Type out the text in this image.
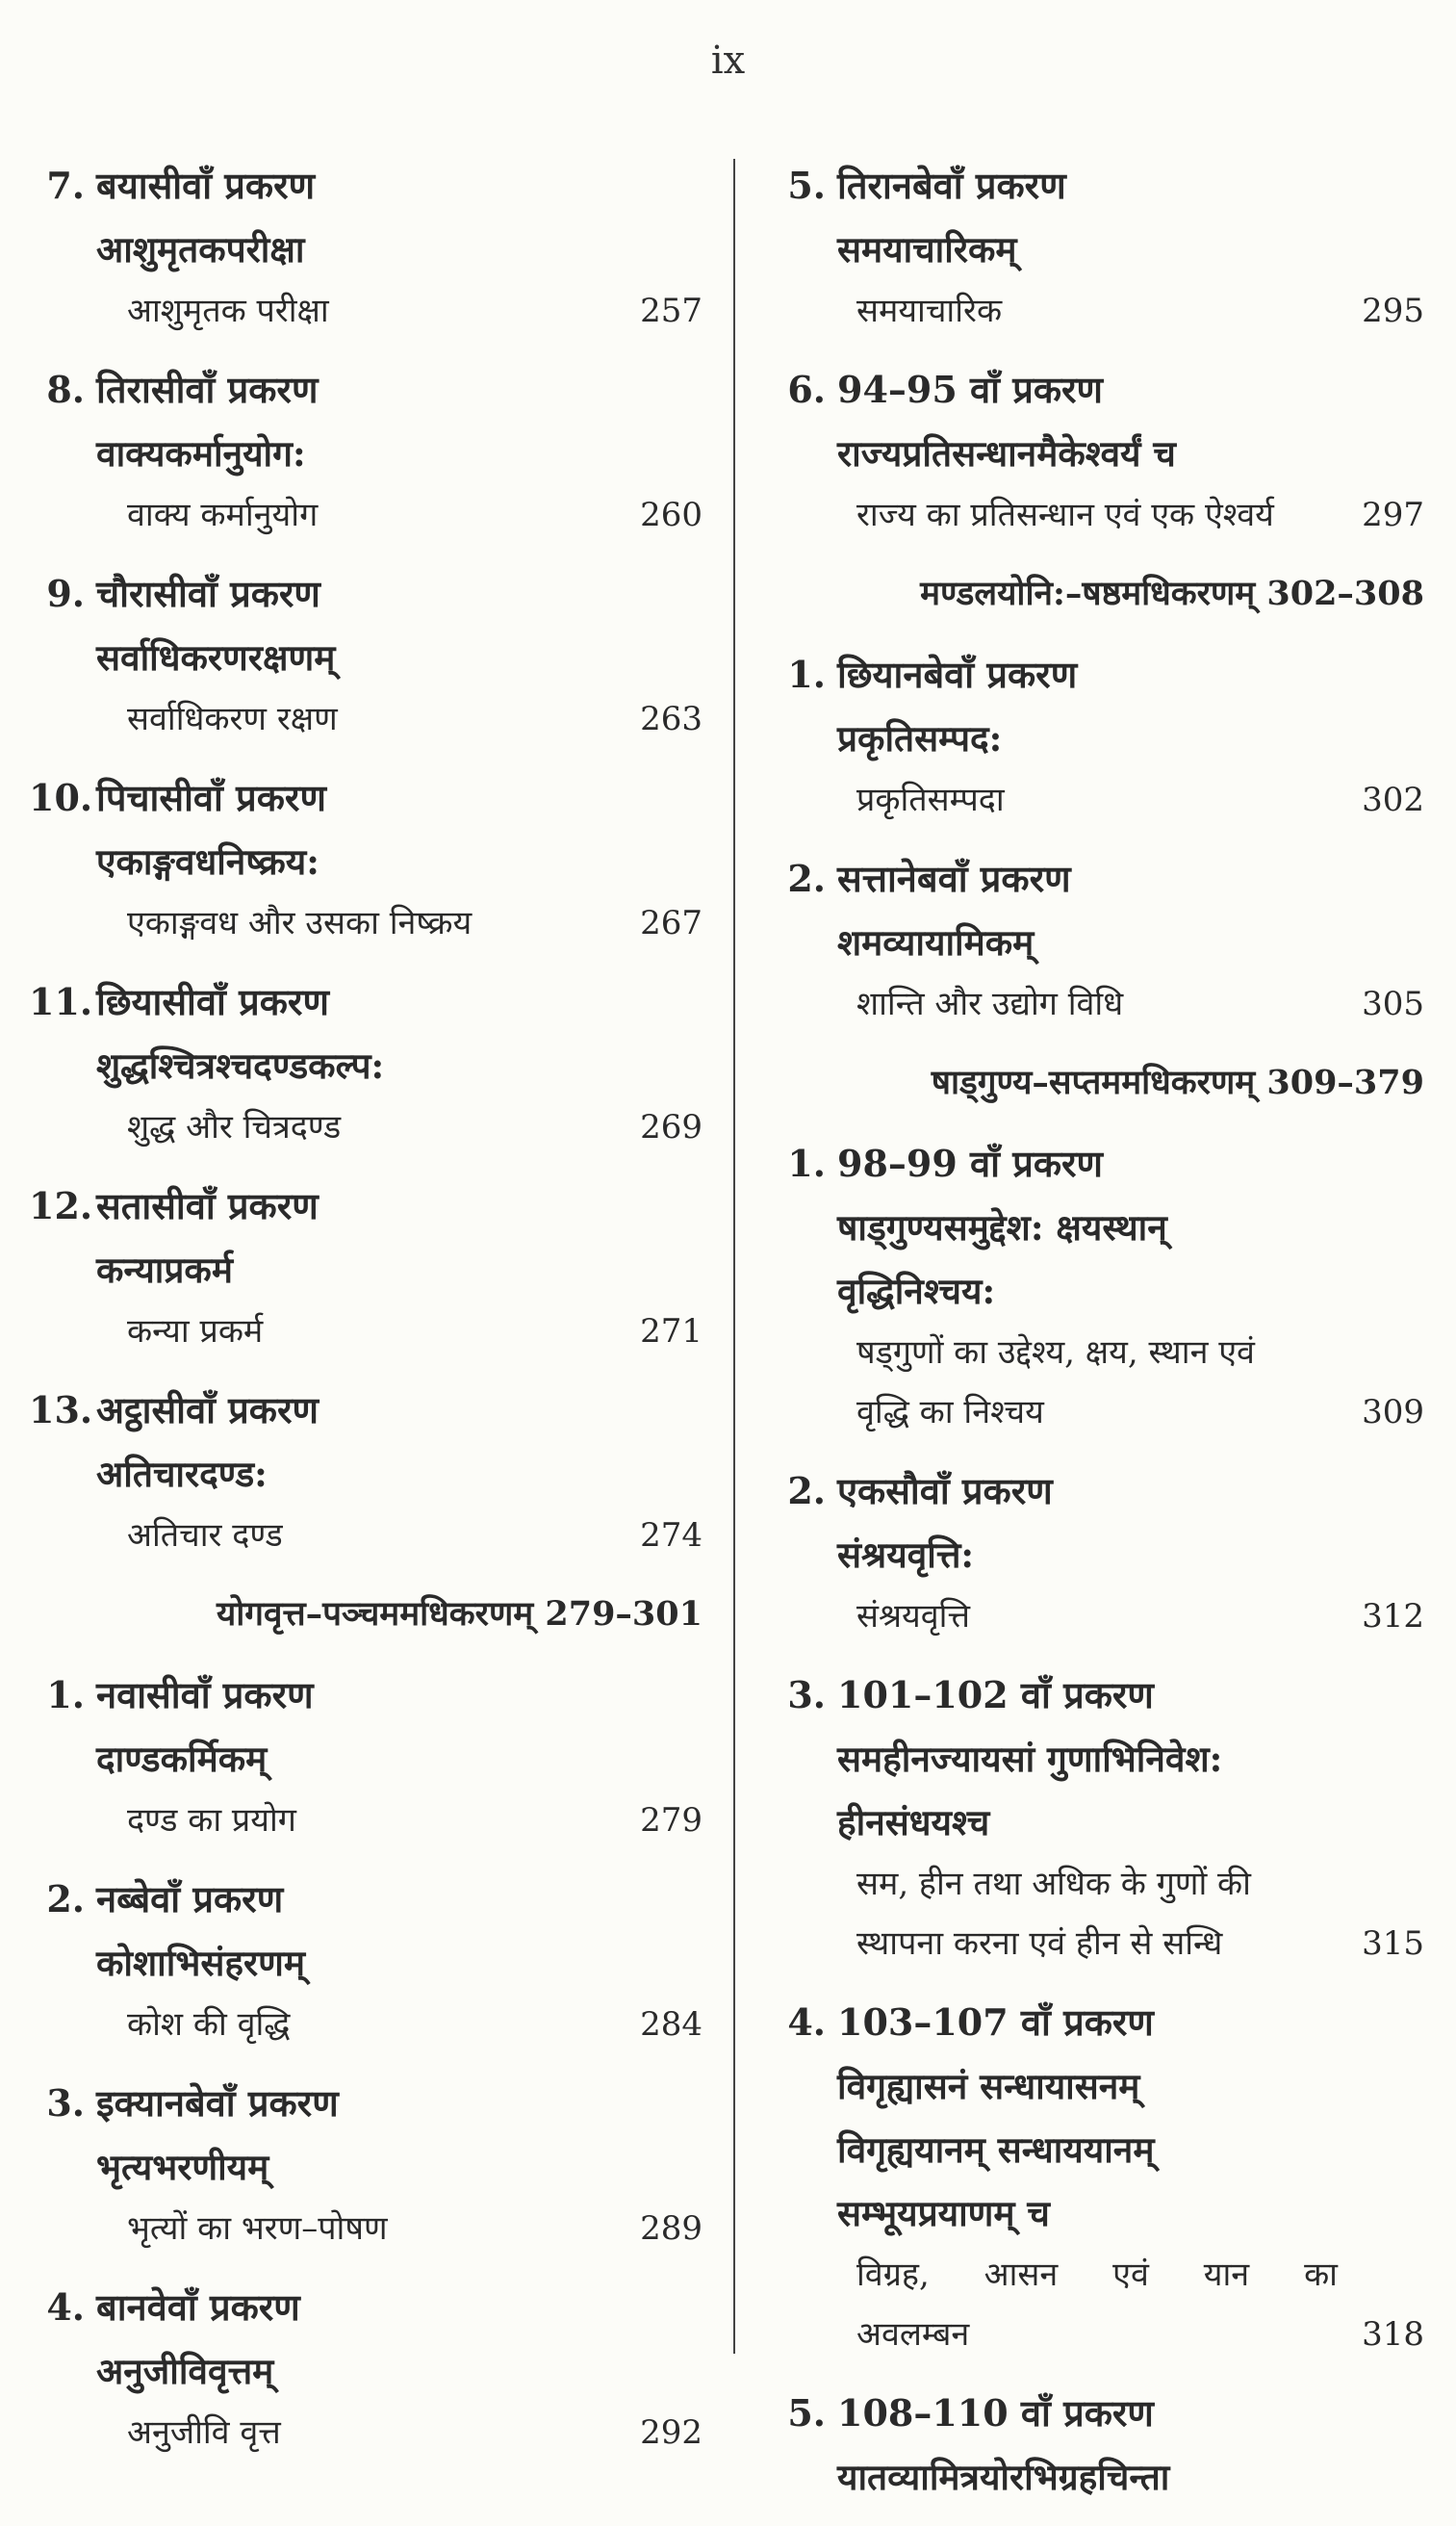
ix
7. बयासीवाँ प्रकरण
आशुमृतकपरीक्षा
आशुमृतक परीक्षा	257
8. तिरासीवाँ प्रकरण
वाक्यकर्मानुयोग:
वाक्य कर्मानुयोग	260
9. चौरासीवाँ प्रकरण
सर्वाधिकरणरक्षणम्
सर्वाधिकरण रक्षण	263
10. पिचासीवाँ प्रकरण
एकाङ्गवधनिष्क्रय:
एकाङ्गवध और उसका निष्क्रय	267
11. छियासीवाँ प्रकरण
शुद्धश्चित्रश्चदण्डकल्प:
शुद्ध और चित्रदण्ड	269
12. सतासीवाँ प्रकरण
कन्याप्रकर्म
कन्या प्रकर्म	271
13. अट्ठासीवाँ प्रकरण
अतिचारदण्ड:
अतिचार दण्ड	274
योगवृत्त–पञ्चममधिकरणम् 279–301
1. नवासीवाँ प्रकरण
दाण्डकर्मिकम्
दण्ड का प्रयोग	279
2. नब्बेवाँ प्रकरण
कोशाभिसंहरणम्
कोश की वृद्धि	284
3. इक्यानबेवाँ प्रकरण
भृत्यभरणीयम्
भृत्यों का भरण–पोषण	289
4. बानवेवाँ प्रकरण
अनुजीविवृत्तम्
अनुजीवि वृत्त	292
5. तिरानबेवाँ प्रकरण
समयाचारिकम्
समयाचारिक	295
6. 94–95 वाँ प्रकरण
राज्यप्रतिसन्धानमैकेश्वर्यं च
राज्य का प्रतिसन्धान एवं एक ऐश्वर्य	297
मण्डलयोनि:–षष्ठमधिकरणम् 302–308
1. छियानबेवाँ प्रकरण
प्रकृतिसम्पद:
प्रकृतिसम्पदा	302
2. सत्तानेबवाँ प्रकरण
शमव्यायामिकम्
शान्ति और उद्योग विधि	305
षाड्गुण्य–सप्तममधिकरणम् 309–379
1. 98–99 वाँ प्रकरण
षाड्गुण्यसमुद्देश: क्षयस्थान्
वृद्धिनिश्चय:
षड्गुणों का उद्देश्य, क्षय, स्थान एवं
वृद्धि का निश्चय	309
2. एकसौवाँ प्रकरण
संश्रयवृत्ति:
संश्रयवृत्ति	312
3. 101–102 वाँ प्रकरण
समहीनज्यायसां गुणाभिनिवेश:
हीनसंधयश्च
सम, हीन तथा अधिक के गुणों की
स्थापना करना एवं हीन से सन्धि	315
4. 103–107 वाँ प्रकरण
विगृह्यासनं सन्धायासनम्
विगृह्ययानम् सन्धाययानम्
सम्भूयप्रयाणम् च
विग्रह, आसन एवं यान का
अवलम्बन	318
5. 108–110 वाँ प्रकरण
यातव्यामित्रयोरभिग्रहचिन्ता
